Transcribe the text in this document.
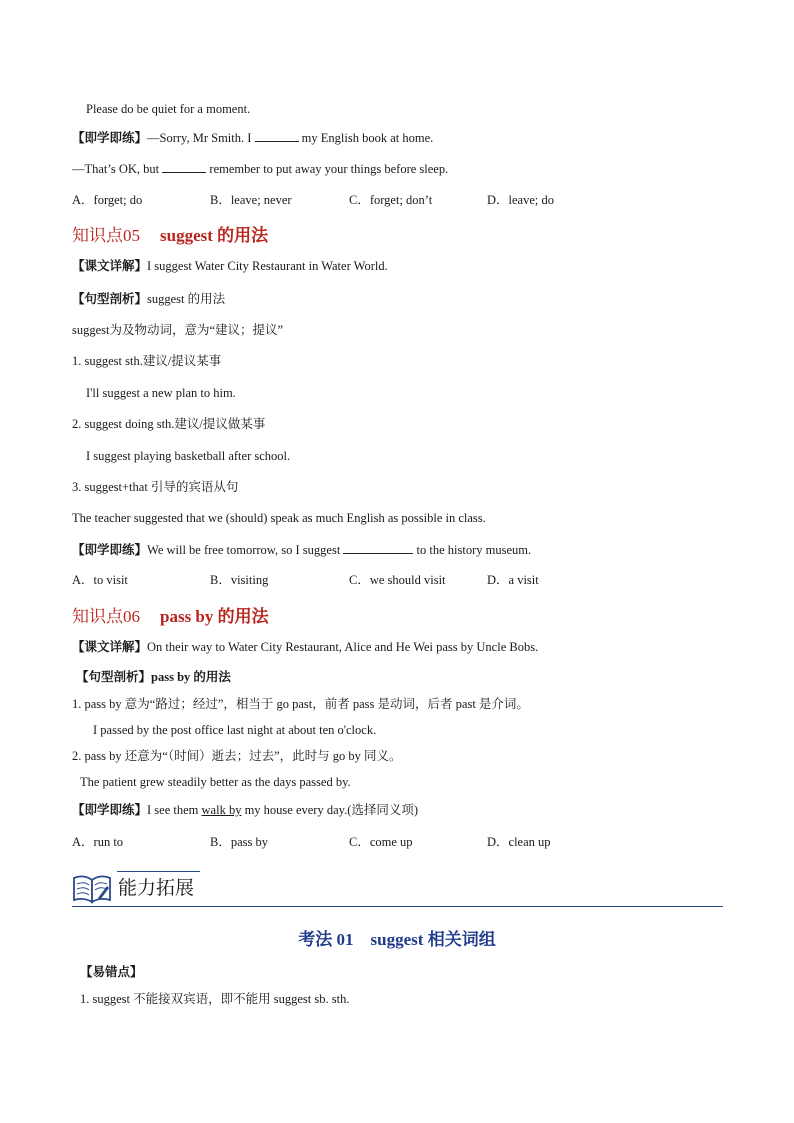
Please do be quiet for a moment.
【即学即练】—Sorry, Mr Smith. I	my English book at home.
—That’s OK, but	remember to put away your things before sleep.
A．forget; do	B．leave; never	C．forget; don’t	D．leave; do
知识点05 suggest 的用法
【课文详解】I suggest Water City Restaurant in Water World.
【句型剖析】suggest 的用法
suggest为及物动词，意为“建议；提议”
1. suggest sth.建议/提议某事
I'll suggest a new plan to him.
2. suggest doing sth.建议/提议做某事
I suggest playing basketball after school.
3. suggest+that 引导的宾语从句
The teacher suggested that we (should) speak as much English as possible in class.
【即学即练】We will be free tomorrow, so I suggest	to the history museum.
A．to visit	B．visiting	C．we should visit	D．a visit
知识点06 pass by 的用法
【课文详解】On their way to Water City Restaurant, Alice and He Wei pass by Uncle Bobs.
【句型剖析】pass by 的用法
1. pass by 意为“路过；经过”，相当于 go past，前者 pass 是动词，后者 past 是介词。
I passed by the post office last night at about ten o'clock.
2. pass by 还意为“（时间）逝去；过去”，此时与 go by 同义。
The patient grew steadily better as the days passed by.
【即学即练】I see them walk by my house every day.(选择同义项)
A．run to	B．pass by	C．come up	D．clean up
能力拓展
考法 01　suggest 相关词组
【易错点】
1. suggest 不能接双宾语，即不能用 suggest sb. sth.
